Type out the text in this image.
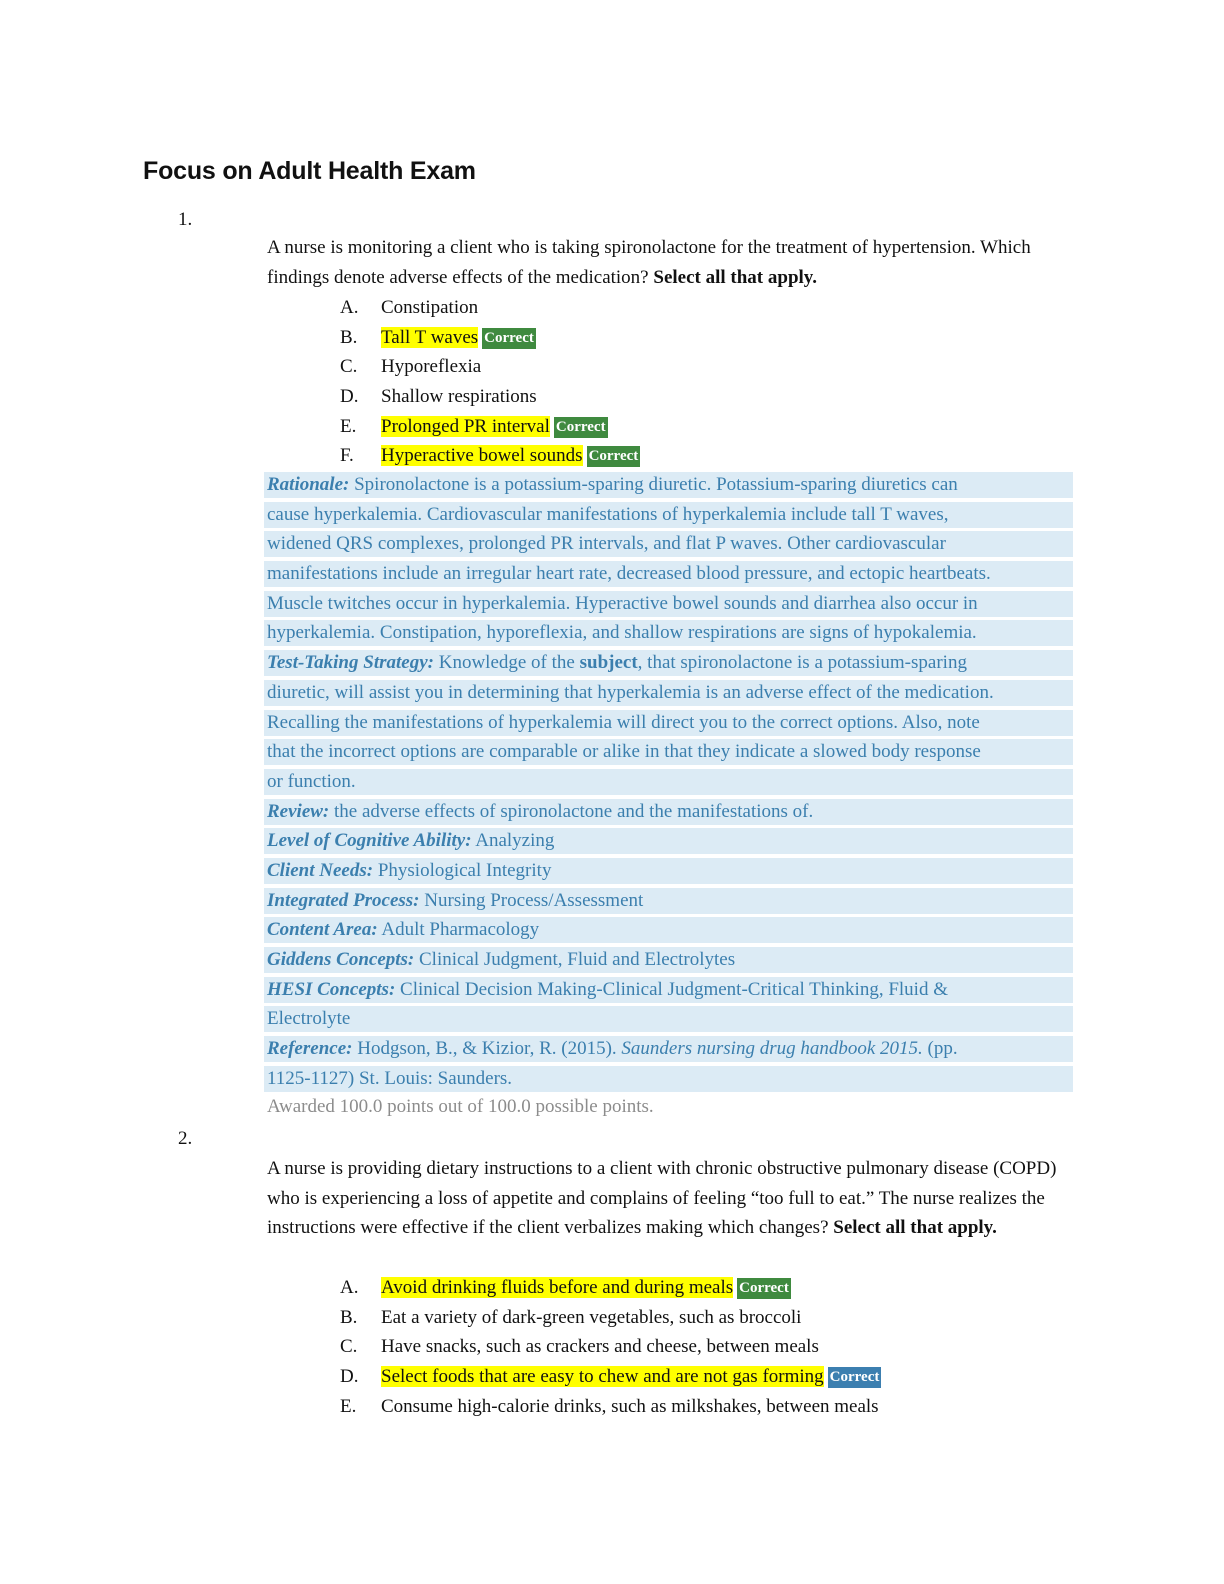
Focus on Adult Health Exam
1.
A nurse is monitoring a client who is taking spironolactone for the treatment of hypertension. Which findings denote adverse effects of the medication? Select all that apply.
A. Constipation
B. Tall T waves Correct
C. Hyporeflexia
D. Shallow respirations
E. Prolonged PR interval Correct
F. Hyperactive bowel sounds Correct
Rationale: Spironolactone is a potassium-sparing diuretic. Potassium-sparing diuretics can
cause hyperkalemia. Cardiovascular manifestations of hyperkalemia include tall T waves,
widened QRS complexes, prolonged PR intervals, and flat P waves. Other cardiovascular
manifestations include an irregular heart rate, decreased blood pressure, and ectopic heartbeats.
Muscle twitches occur in hyperkalemia. Hyperactive bowel sounds and diarrhea also occur in
hyperkalemia. Constipation, hyporeflexia, and shallow respirations are signs of hypokalemia.
Test-Taking Strategy: Knowledge of the subject, that spironolactone is a potassium-sparing
diuretic, will assist you in determining that hyperkalemia is an adverse effect of the medication.
Recalling the manifestations of hyperkalemia will direct you to the correct options. Also, note
that the incorrect options are comparable or alike in that they indicate a slowed body response
or function.
Review: the adverse effects of spironolactone and the manifestations of.
Level of Cognitive Ability: Analyzing
Client Needs: Physiological Integrity
Integrated Process: Nursing Process/Assessment
Content Area: Adult Pharmacology
Giddens Concepts: Clinical Judgment, Fluid and Electrolytes
HESI Concepts: Clinical Decision Making-Clinical Judgment-Critical Thinking, Fluid &
Electrolyte
Reference: Hodgson, B., & Kizior, R. (2015). Saunders nursing drug handbook 2015. (pp.
1125-1127) St. Louis: Saunders.
Awarded 100.0 points out of 100.0 possible points.
2.
A nurse is providing dietary instructions to a client with chronic obstructive pulmonary disease (COPD) who is experiencing a loss of appetite and complains of feeling “too full to eat.” The nurse realizes the instructions were effective if the client verbalizes making which changes? Select all that apply.
A. Avoid drinking fluids before and during meals Correct
B. Eat a variety of dark-green vegetables, such as broccoli
C. Have snacks, such as crackers and cheese, between meals
D. Select foods that are easy to chew and are not gas forming Correct
E. Consume high-calorie drinks, such as milkshakes, between meals
